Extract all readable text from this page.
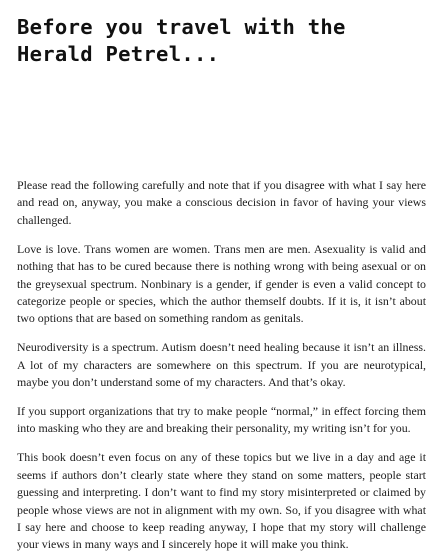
Before you travel with the
Herald Petrel...

Please read the following carefully and note that if you disagree with what I say here and read on, anyway, you make a conscious decision in favor of having your views challenged.

Love is love. Trans women are women. Trans men are men. Asexuality is valid and nothing that has to be cured because there is nothing wrong with being asexual or on the greysexual spectrum. Nonbinary is a gender, if gender is even a valid concept to categorize people or species, which the author themself doubts. If it is, it isn’t about two options that are based on something random as genitals.

Neurodiversity is a spectrum. Autism doesn’t need healing because it isn’t an illness. A lot of my characters are somewhere on this spectrum. If you are neurotypical, maybe you don’t understand some of my characters. And that’s okay.

If you support organizations that try to make people “normal,” in effect forcing them into masking who they are and breaking their personality, my writing isn’t for you.

This book doesn’t even focus on any of these topics but we live in a day and age it seems if authors don’t clearly state where they stand on some matters, people start guessing and interpreting. I don’t want to find my story misinterpreted or claimed by people whose views are not in alignment with my own. So, if you disagree with what I say here and choose to keep reading anyway, I hope that my story will challenge your views in many ways and I sincerely hope it will make you think.
